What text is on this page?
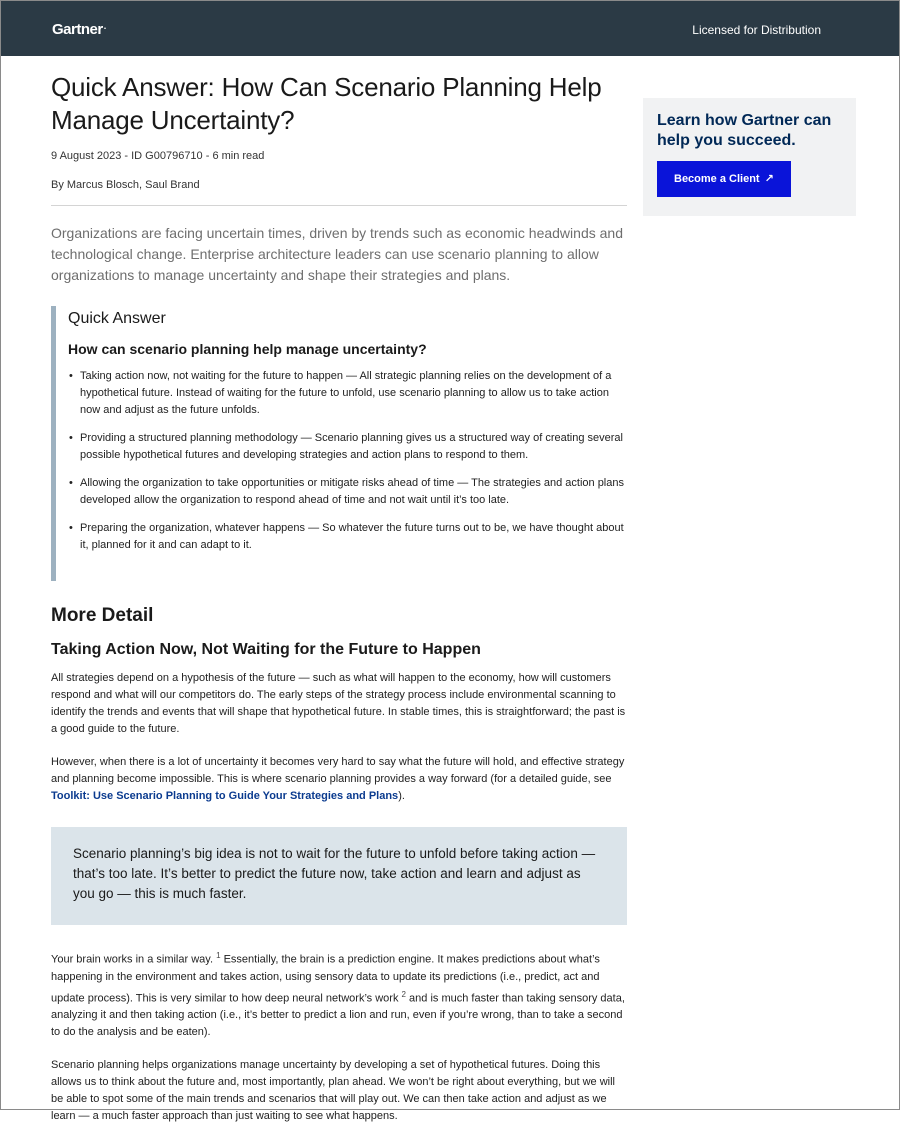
Gartner.	Licensed for Distribution
Quick Answer: How Can Scenario Planning Help Manage Uncertainty?
9 August 2023 - ID G00796710 - 6 min read
By Marcus Blosch, Saul Brand

Organizations are facing uncertain times, driven by trends such as economic headwinds and technological change. Enterprise architecture leaders can use scenario planning to allow organizations to manage uncertainty and shape their strategies and plans.

Quick Answer
How can scenario planning help manage uncertainty?
• Taking action now, not waiting for the future to happen — All strategic planning relies on the development of a hypothetical future. Instead of waiting for the future to unfold, use scenario planning to allow us to take action now and adjust as the future unfolds.
• Providing a structured planning methodology — Scenario planning gives us a structured way of creating several possible hypothetical futures and developing strategies and action plans to respond to them.
• Allowing the organization to take opportunities or mitigate risks ahead of time — The strategies and action plans developed allow the organization to respond ahead of time and not wait until it’s too late.
• Preparing the organization, whatever happens — So whatever the future turns out to be, we have thought about it, planned for it and can adapt to it.
More Detail
Taking Action Now, Not Waiting for the Future to Happen

All strategies depend on a hypothesis of the future — such as what will happen to the economy, how will customers respond and what will our competitors do. The early steps of the strategy process include environmental scanning to identify the trends and events that will shape that hypothetical future. In stable times, this is straightforward; the past is a good guide to the future.

However, when there is a lot of uncertainty it becomes very hard to say what the future will hold, and effective strategy and planning become impossible. This is where scenario planning provides a way forward (for a detailed guide, see Toolkit: Use Scenario Planning to Guide Your Strategies and Plans).

Scenario planning’s big idea is not to wait for the future to unfold before taking action — that’s too late. It’s better to predict the future now, take action and learn and adjust as you go — this is much faster.

Your brain works in a similar way. $^1$ Essentially, the brain is a prediction engine. It makes predictions about what’s happening in the environment and takes action, using sensory data to update its predictions (i.e., predict, act and update process). This is very similar to how deep neural network’s work $^2$ and is much faster than taking sensory data, analyzing it and then taking action (i.e., it’s better to predict a lion and run, even if you’re wrong, than to take a second to do the analysis and be eaten).

Scenario planning helps organizations manage uncertainty by developing a set of hypothetical futures. Doing this allows us to think about the future and, most importantly, plan ahead. We won’t be right about everything, but we will be able to spot some of the main trends and scenarios that will play out. We can then take action and adjust as we learn — a much faster approach than just waiting to see what happens.

Learn how Gartner can help you succeed.
Become a Client ↗
